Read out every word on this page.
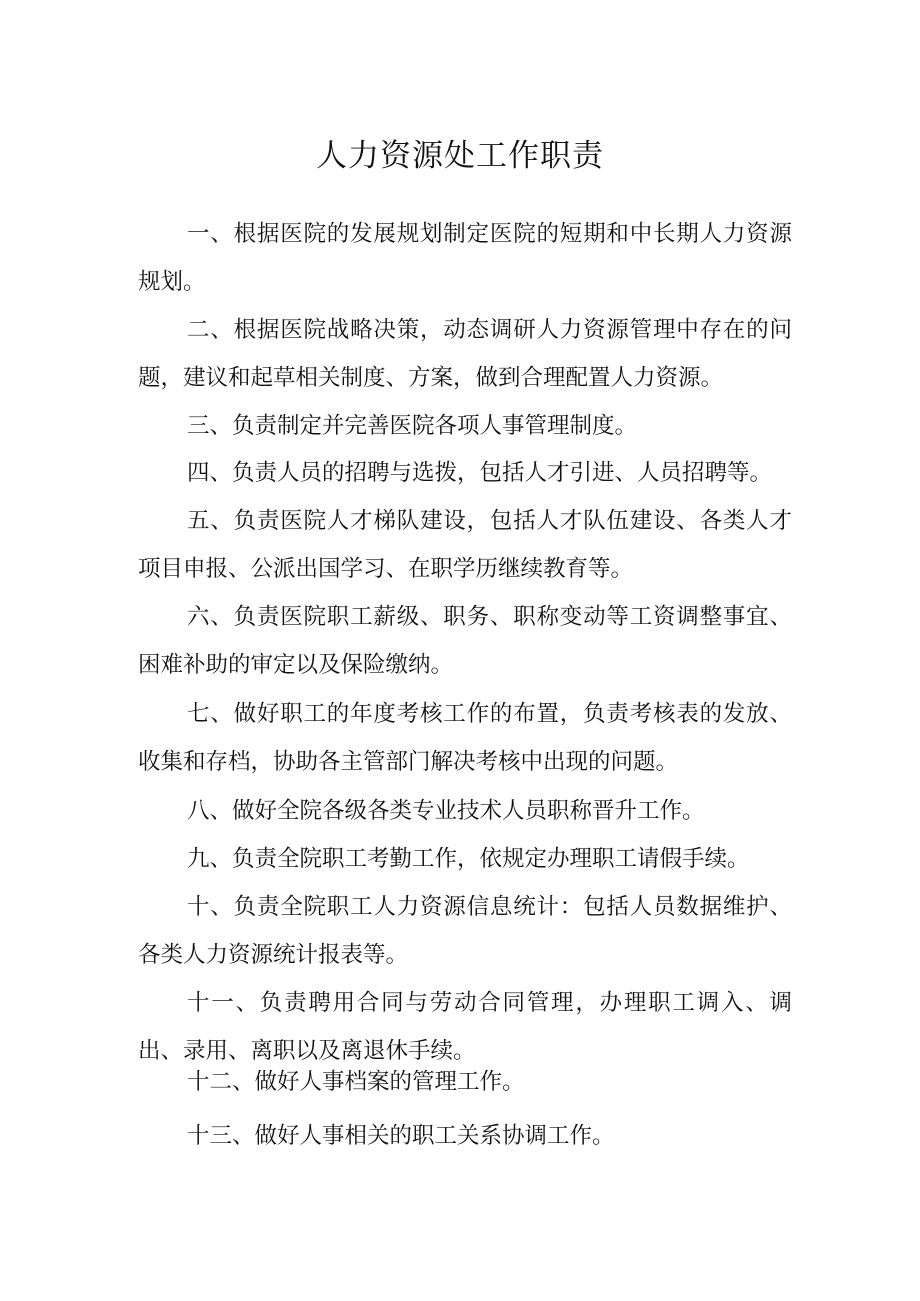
人力资源处工作职责

一、根据医院的发展规划制定医院的短期和中长期人力资源规划。

二、根据医院战略决策，动态调研人力资源管理中存在的问题，建议和起草相关制度、方案，做到合理配置人力资源。

三、负责制定并完善医院各项人事管理制度。

四、负责人员的招聘与选拨，包括人才引进、人员招聘等。

五、负责医院人才梯队建设，包括人才队伍建设、各类人才项目申报、公派出国学习、在职学历继续教育等。

六、负责医院职工薪级、职务、职称变动等工资调整事宜、困难补助的审定以及保险缴纳。

七、做好职工的年度考核工作的布置，负责考核表的发放、收集和存档，协助各主管部门解决考核中出现的问题。

八、做好全院各级各类专业技术人员职称晋升工作。

九、负责全院职工考勤工作，依规定办理职工请假手续。

十、负责全院职工人力资源信息统计：包括人员数据维护、各类人力资源统计报表等。

十一、负责聘用合同与劳动合同管理，办理职工调入、调出、录用、离职以及离退休手续。

十二、做好人事档案的管理工作。

十三、做好人事相关的职工关系协调工作。
